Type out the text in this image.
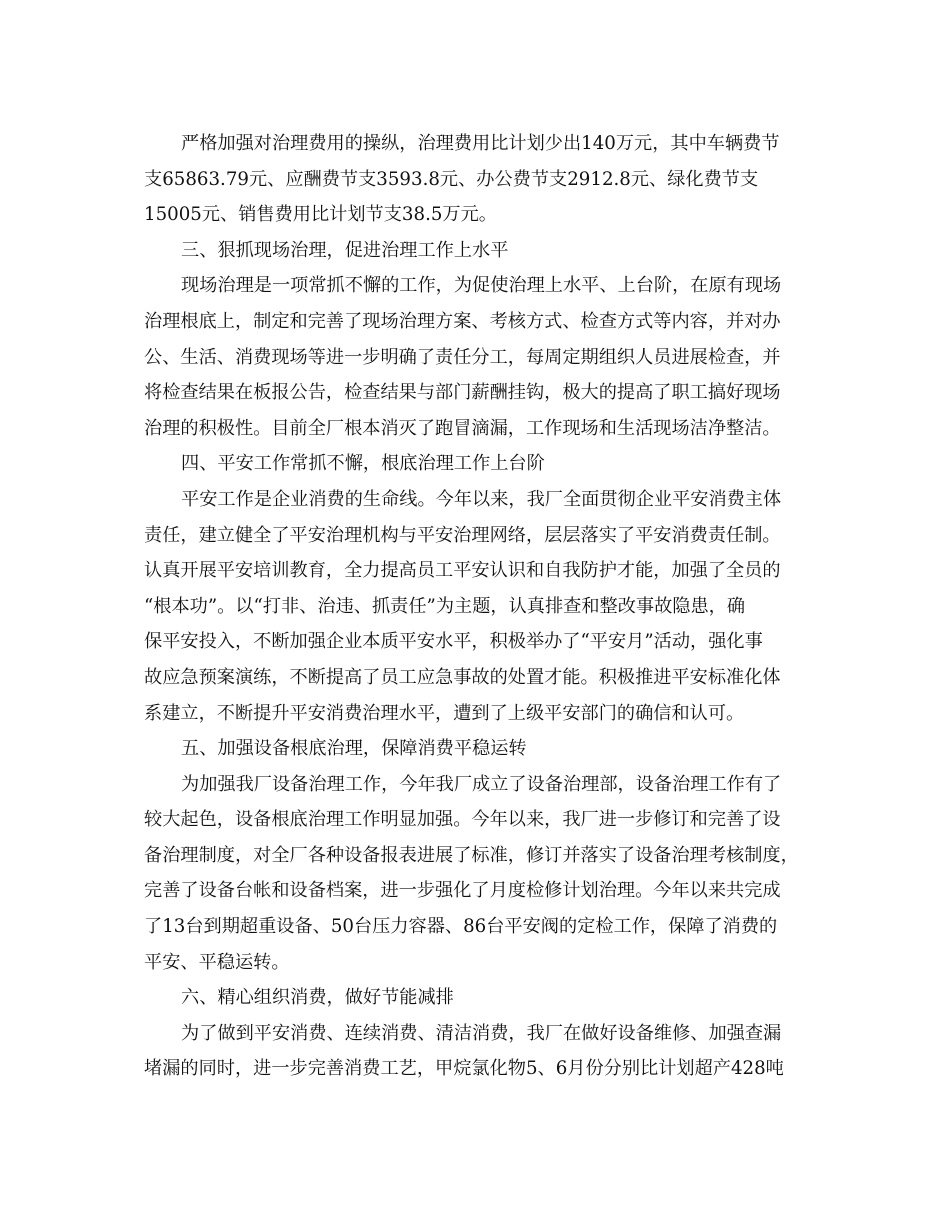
严格加强对治理费用的操纵，治理费用比计划少出140万元，其中车辆费节
支65863.79元、应酬费节支3593.8元、办公费节支2912.8元、绿化费节支
15005元、销售费用比计划节支38.5万元。
三、狠抓现场治理，促进治理工作上水平
现场治理是一项常抓不懈的工作，为促使治理上水平、上台阶，在原有现场
治理根底上，制定和完善了现场治理方案、考核方式、检查方式等内容，并对办
公、生活、消费现场等进一步明确了责任分工，每周定期组织人员进展检查，并
将检查结果在板报公告，检查结果与部门薪酬挂钩，极大的提高了职工搞好现场
治理的积极性。目前全厂根本消灭了跑冒滴漏，工作现场和生活现场洁净整洁。
四、平安工作常抓不懈，根底治理工作上台阶
平安工作是企业消费的生命线。今年以来，我厂全面贯彻企业平安消费主体
责任，建立健全了平安治理机构与平安治理网络，层层落实了平安消费责任制。
认真开展平安培训教育，全力提高员工平安认识和自我防护才能，加强了全员的
“根本功”。以“打非、治违、抓责任”为主题，认真排查和整改事故隐患，确
保平安投入，不断加强企业本质平安水平，积极举办了“平安月”活动，强化事
故应急预案演练，不断提高了员工应急事故的处置才能。积极推进平安标准化体
系建立，不断提升平安消费治理水平，遭到了上级平安部门的确信和认可。
五、加强设备根底治理，保障消费平稳运转
为加强我厂设备治理工作，今年我厂成立了设备治理部，设备治理工作有了
较大起色，设备根底治理工作明显加强。今年以来，我厂进一步修订和完善了设
备治理制度，对全厂各种设备报表进展了标准，修订并落实了设备治理考核制度，
完善了设备台帐和设备档案，进一步强化了月度检修计划治理。今年以来共完成
了13台到期超重设备、50台压力容器、86台平安阀的定检工作，保障了消费的
平安、平稳运转。
六、精心组织消费，做好节能减排
为了做到平安消费、连续消费、清洁消费，我厂在做好设备维修、加强查漏
堵漏的同时，进一步完善消费工艺，甲烷氯化物5、6月份分别比计划超产428吨
